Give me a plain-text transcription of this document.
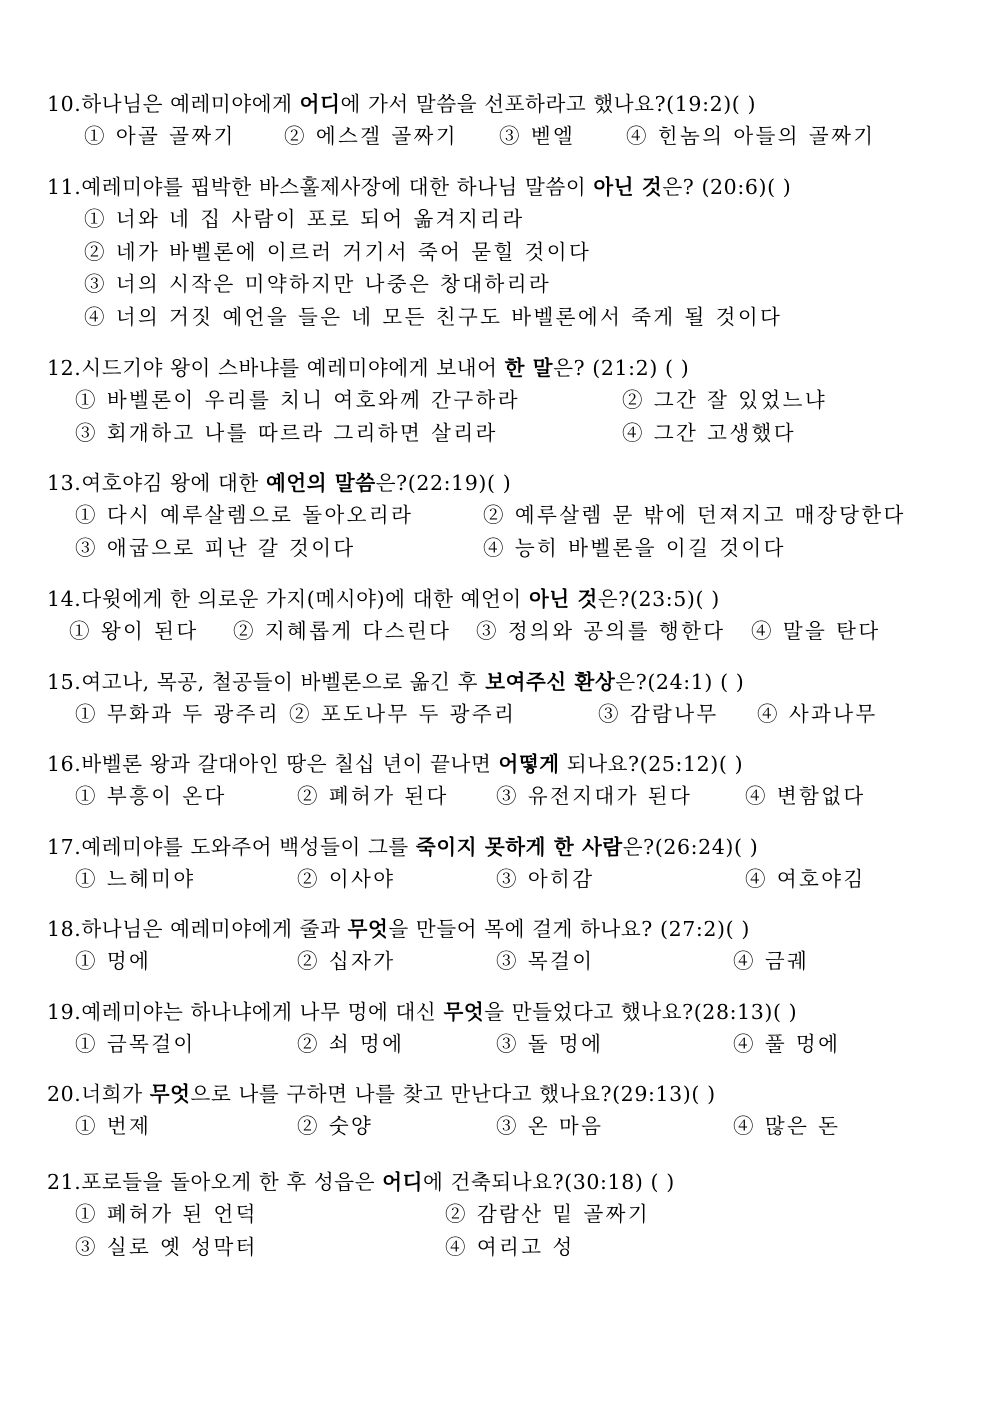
10.하나님은 예레미야에게 어디에 가서 말씀을 선포하라고 했나요?(19:2)( )
① 아골 골짜기 ② 에스겔 골짜기 ③ 벧엘 ④ 힌놈의 아들의 골짜기
11.예레미야를 핍박한 바스훌제사장에 대한 하나님 말씀이 아닌 것은? (20:6)( )
① 너와 네 집 사람이 포로 되어 옮겨지리라
② 네가 바벨론에 이르러 거기서 죽어 묻힐 것이다
③ 너의 시작은 미약하지만 나중은 창대하리라
④ 너의 거짓 예언을 들은 네 모든 친구도 바벨론에서 죽게 될 것이다
12.시드기야 왕이 스바냐를 예레미야에게 보내어 한 말은? (21:2) ( )
① 바벨론이 우리를 치니 여호와께 간구하라	② 그간 잘 있었느냐
③ 회개하고 나를 따르라 그리하면 살리라	④ 그간 고생했다
13.여호야김 왕에 대한 예언의 말씀은?(22:19)( )
① 다시 예루살렘으로 돌아오리라	② 예루살렘 문 밖에 던져지고 매장당한다
③ 애굽으로 피난 갈 것이다	④ 능히 바벨론을 이길 것이다
14.다윗에게 한 의로운 가지(메시야)에 대한 예언이 아닌 것은?(23:5)( )
① 왕이 된다 ② 지혜롭게 다스린다 ③ 정의와 공의를 행한다 ④ 말을 탄다
15.여고나, 목공, 철공들이 바벨론으로 옮긴 후 보여주신 환상은?(24:1) ( )
① 무화과 두 광주리 ② 포도나무 두 광주리	③ 감람나무 ④ 사과나무
16.바벨론 왕과 갈대아인 땅은 칠십 년이 끝나면 어떻게 되나요?(25:12)( )
① 부흥이 온다	② 폐허가 된다 ③ 유전지대가 된다	④ 변함없다
17.예레미야를 도와주어 백성들이 그를 죽이지 못하게 한 사람은?(26:24)( )
① 느헤미야	② 이사야	③ 아히감	④ 여호야김
18.하나님은 예레미야에게 줄과 무엇을 만들어 목에 걸게 하나요? (27:2)( )
① 멍에	② 십자가	③ 목걸이	④ 금궤
19.예레미야는 하나냐에게 나무 멍에 대신 무엇을 만들었다고 했나요?(28:13)( )
① 금목걸이	② 쇠 멍에	③ 돌 멍에	④ 풀 멍에
20.너희가 무엇으로 나를 구하면 나를 찾고 만난다고 했나요?(29:13)( )
① 번제	② 숫양	③ 온 마음	④ 많은 돈
21.포로들을 돌아오게 한 후 성읍은 어디에 건축되나요?(30:18) ( )
① 폐허가 된 언덕	② 감람산 밑 골짜기
③ 실로 옛 성막터	④ 여리고 성
